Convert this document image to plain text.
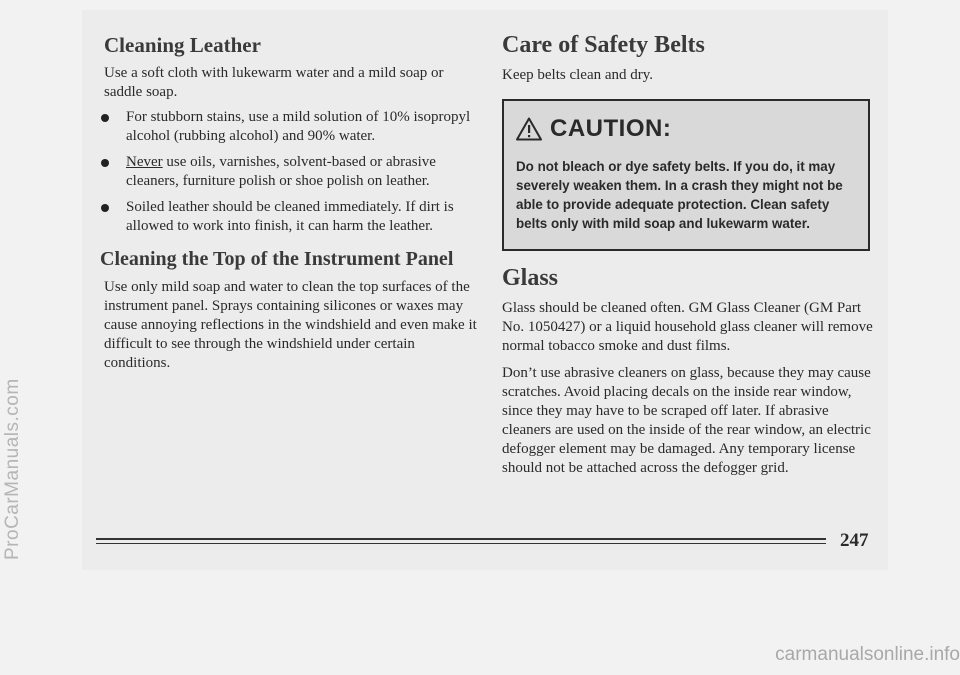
ProCarManuals.com
Cleaning Leather

Use a soft cloth with lukewarm water and a mild soap or saddle soap.

For stubborn stains, use a mild solution of 10% isopropyl alcohol (rubbing alcohol) and 90% water.
Never use oils, varnishes, solvent-based or abrasive cleaners, furniture polish or shoe polish on leather.
Soiled leather should be cleaned immediately. If dirt is allowed to work into finish, it can harm the leather.
Cleaning the Top of the Instrument Panel

Use only mild soap and water to clean the top surfaces of the instrument panel. Sprays containing silicones or waxes may cause annoying reflections in the windshield and even make it difficult to see through the windshield under certain conditions.

Care of Safety Belts

Keep belts clean and dry.

CAUTION:
Do not bleach or dye safety belts. If you do, it may severely weaken them. In a crash they might not be able to provide adequate protection. Clean safety belts only with mild soap and lukewarm water.
Glass

Glass should be cleaned often. GM Glass Cleaner (GM Part No. 1050427) or a liquid household glass cleaner will remove normal tobacco smoke and dust films.

Don’t use abrasive cleaners on glass, because they may cause scratches. Avoid placing decals on the inside rear window, since they may have to be scraped off later. If abrasive cleaners are used on the inside of the rear window, an electric defogger element may be damaged. Any temporary license should not be attached across the defogger grid.

247
carmanualsonline.info
